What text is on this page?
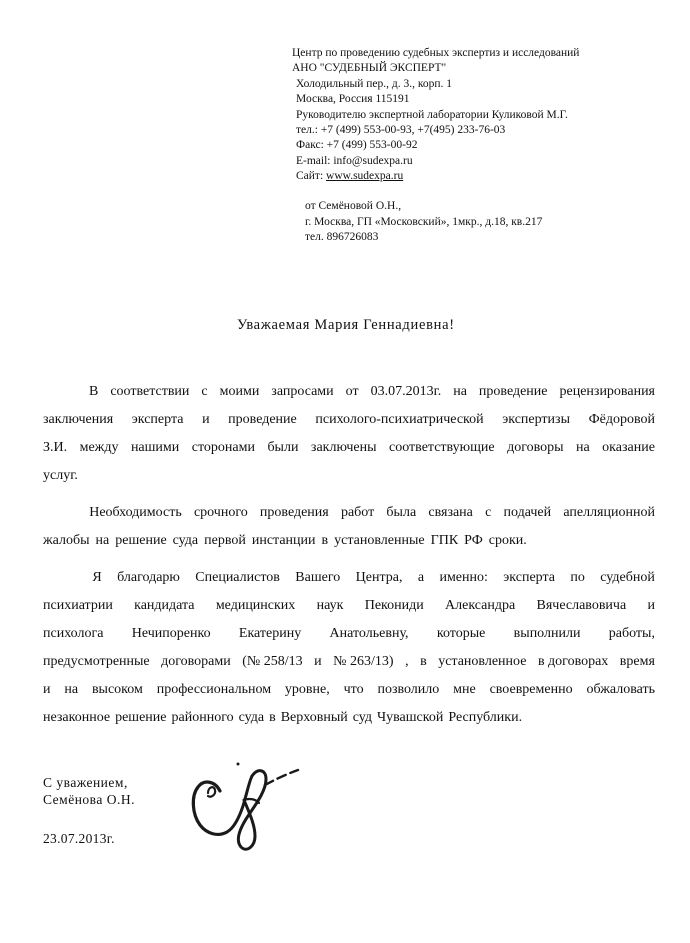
Центр по проведению судебных экспертиз и исследований
АНО "СУДЕБНЫЙ ЭКСПЕРТ"
Холодильный пер., д. 3., корп. 1
Москва, Россия 115191
Руководителю экспертной лаборатории Куликовой М.Г.
тел.: +7 (499) 553-00-93, +7(495) 233-76-03
Факс: +7 (499) 553-00-92
E-mail: info@sudexpa.ru
Сайт: www.sudexpa.ru
от Семёновой О.Н.,
г. Москва, ГП «Московский», 1мкр., д.18, кв.217
тел. 896726083
Уважаемая Мария Геннадиевна!
В соответствии с моими запросами от 03.07.2013г. на проведение рецензирования
заключения эксперта и проведение психолого-психиатрической экспертизы Фёдоровой
З.И. между нашими сторонами были заключены соответствующие договоры на оказание
услуг.
Необходимость срочного проведения работ была связана с подачей апелляционной
жалобы на решение суда первой инстанции в установленные ГПК РФ сроки.
Я благодарю Специалистов Вашего Центра, а именно: эксперта по судебной
психиатрии кандидата медицинских наук Пекониди Александра Вячеславовича и
психолога Нечипоренко Екатерину Анатольевну, которые выполнили работы,
предусмотренные договорами (№ 258/13 и № 263/13) , в установленное в договорах время
и на высоком профессиональном уровне, что позволило мне своевременно обжаловать
незаконное решение районного суда в Верховный суд Чувашской Республики.
С уважением,
Семёнова О.Н.
23.07.2013г.
